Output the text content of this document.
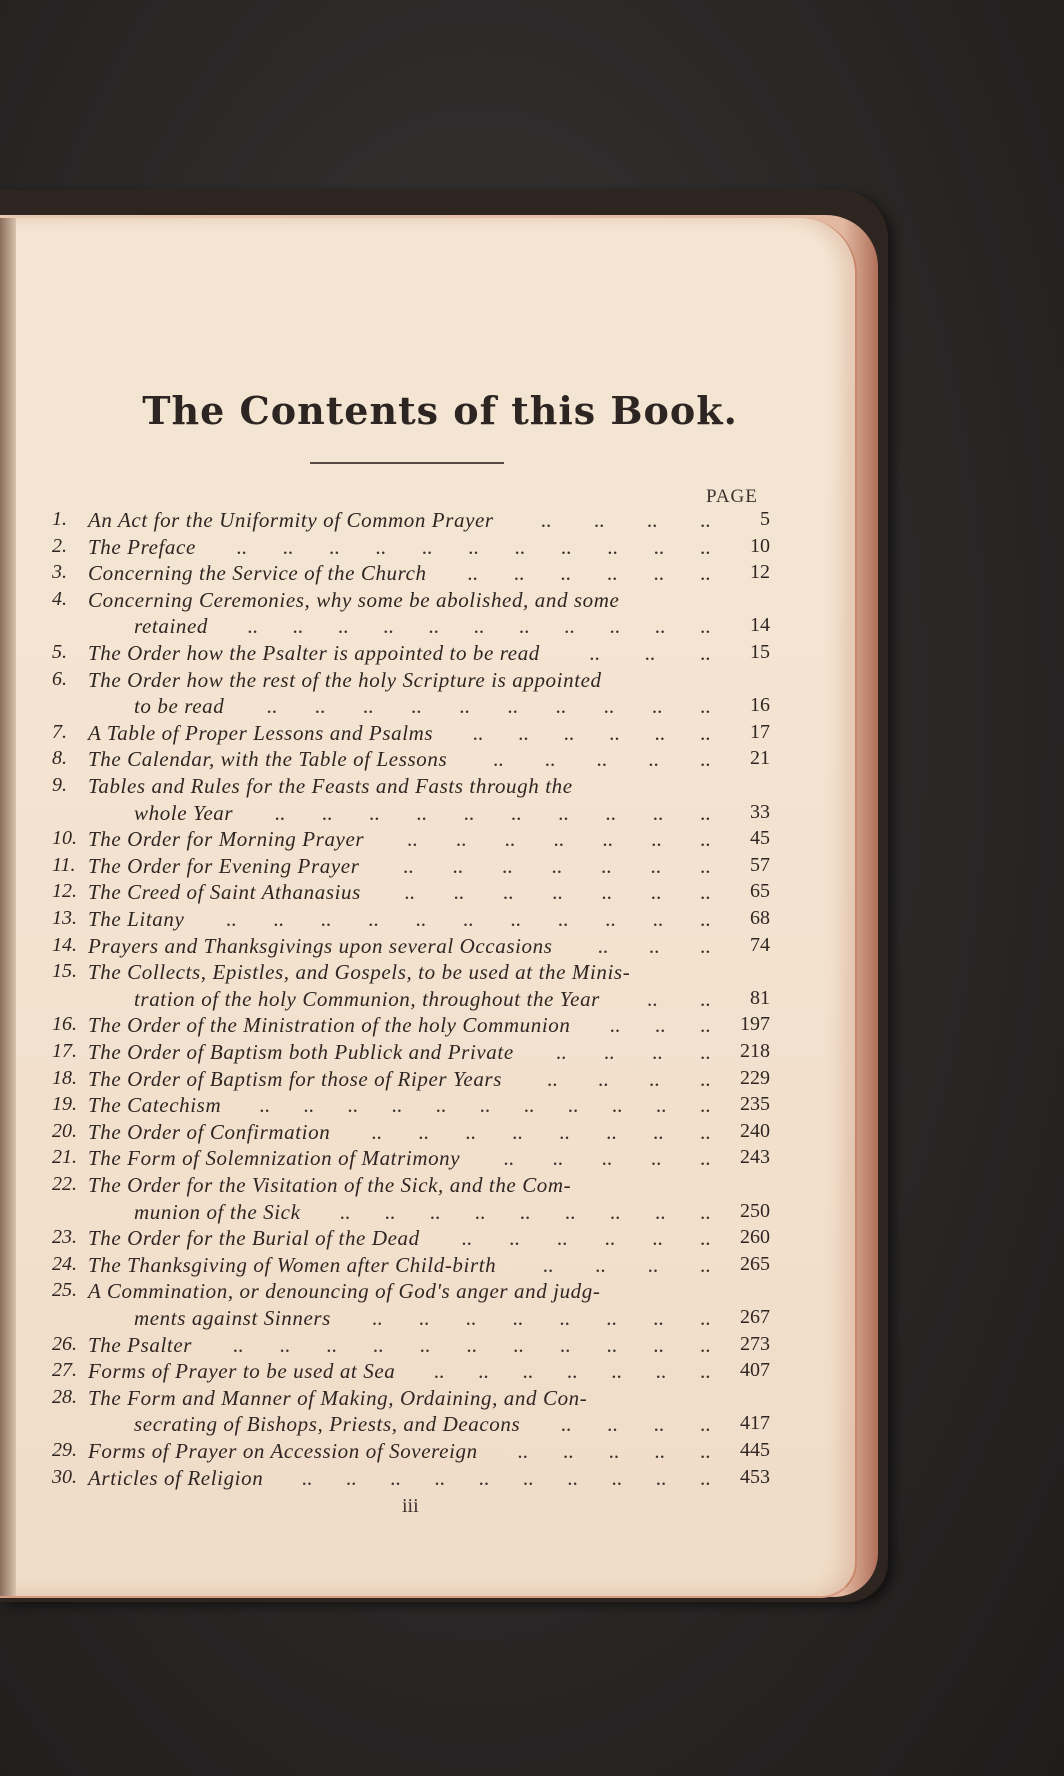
The Contents of this Book.
PAGE
1.	An Act for the Uniformity of Common Prayer	5
.. .. .. ..
2.	The Preface	10
.. .. .. .. .. .. .. .. .. .. ..
3.	Concerning the Service of the Church	12
.. .. .. .. .. ..
4.	Concerning Ceremonies, why some be abolished, and some
retained	14
.. .. .. .. .. .. .. .. .. .. ..
5.	The Order how the Psalter is appointed to be read	15
.. .. ..
6.	The Order how the rest of the holy Scripture is appointed
to be read	16
.. .. .. .. .. .. .. .. .. ..
7.	A Table of Proper Lessons and Psalms	17
.. .. .. .. .. ..
8.	The Calendar, with the Table of Lessons	21
.. .. .. .. ..
9.	Tables and Rules for the Feasts and Fasts through the
whole Year	33
.. .. .. .. .. .. .. .. .. ..
10. The Order for Morning Prayer	45
.. .. .. .. .. .. ..
11. The Order for Evening Prayer	57
.. .. .. .. .. .. ..
12. The Creed of Saint Athanasius	65
.. .. .. .. .. .. ..
13. The Litany	68
.. .. .. .. .. .. .. .. .. .. ..
14. Prayers and Thanksgivings upon several Occasions	74
.. .. ..
15. The Collects, Epistles, and Gospels, to be used at the Minis-
tration of the holy Communion, throughout the Year	81
.. ..
16. The Order of the Ministration of the holy Communion	197
.. .. ..
17. The Order of Baptism both Publick and Private	218
.. .. .. ..
18. The Order of Baptism for those of Riper Years	229
.. .. .. ..
19. The Catechism	235
.. .. .. .. .. .. .. .. .. .. ..
20. The Order of Confirmation	240
.. .. .. .. .. .. .. ..
21. The Form of Solemnization of Matrimony	243
.. .. .. .. ..
22. The Order for the Visitation of the Sick, and the Com-
munion of the Sick	250
.. .. .. .. .. .. .. .. ..
23. The Order for the Burial of the Dead	260
.. .. .. .. .. ..
24. The Thanksgiving of Women after Child-birth	265
.. .. .. ..
25. A Commination, or denouncing of God's anger and judg-
ments against Sinners	267
.. .. .. .. .. .. .. ..
26. The Psalter	273
.. .. .. .. .. .. .. .. .. .. ..
27. Forms of Prayer to be used at Sea	407
.. .. .. .. .. .. ..
28. The Form and Manner of Making, Ordaining, and Con-
secrating of Bishops, Priests, and Deacons	417
.. .. .. ..
29. Forms of Prayer on Accession of Sovereign	445
.. .. .. .. ..
30. Articles of Religion	453
.. .. .. .. .. .. .. .. .. ..
iii
